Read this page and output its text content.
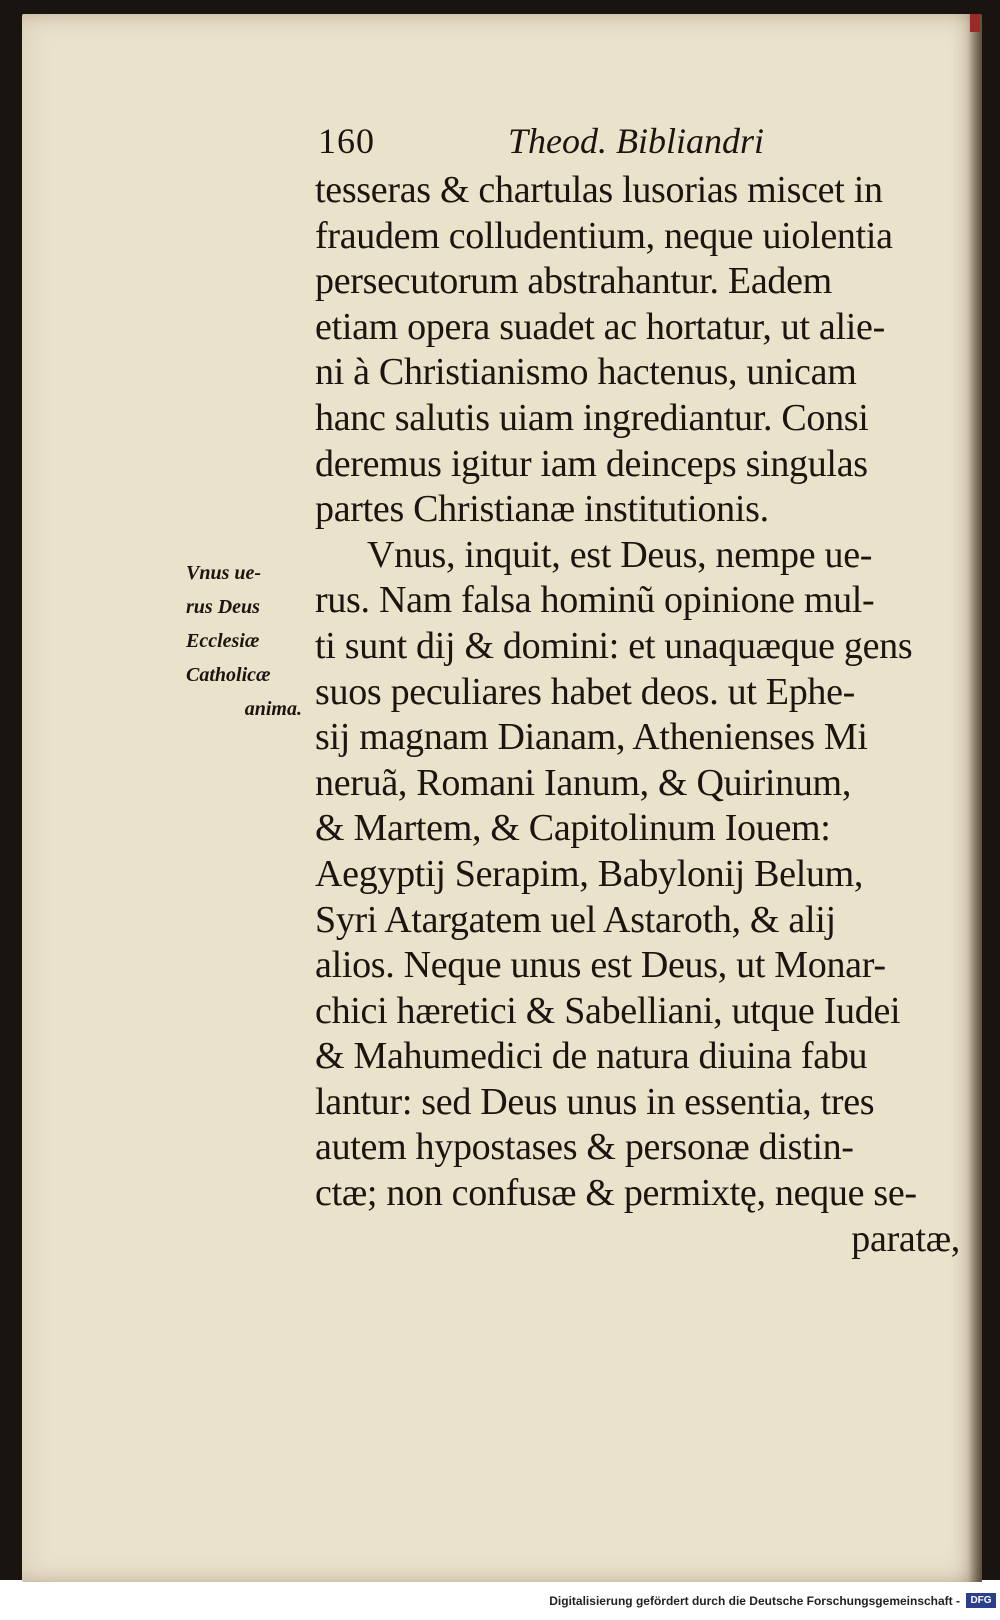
160	Theod. Bibliandri
Vnus ue-
rus Deus
Ecclesiæ
Catholicæ
anima.
tesseras & chartulas lusorias miscet in
fraudem colludentium, neque uiolentia
persecutorum abstrahantur. Eadem
etiam opera suadet ac hortatur, ut alie-
ni à Christianismo hactenus, unicam
hanc salutis uiam ingrediantur. Consi
deremus igitur iam deinceps singulas
partes Christianæ institutionis.
Vnus, inquit, est Deus, nempe ue-
rus. Nam falsa hominũ opinione mul-
ti sunt dij & domini: et unaquæque gens
suos peculiares habet deos. ut Ephe-
sij magnam Dianam, Athenienses Mi
neruã, Romani Ianum, & Quirinum,
& Martem, & Capitolinum Iouem:
Aegyptij Serapim, Babylonij Belum,
Syri Atargatem uel Astaroth, & alij
alios. Neque unus est Deus, ut Monar-
chici hæretici & Sabelliani, utque Iudei
& Mahumedici de natura diuina fabu
lantur: sed Deus unus in essentia, tres
autem hypostases & personæ distin-
ctæ; non confusæ & permixtę, neque se-
paratæ,
Digitalisierung gefördert durch die Deutsche Forschungsgemeinschaft -	DFG
